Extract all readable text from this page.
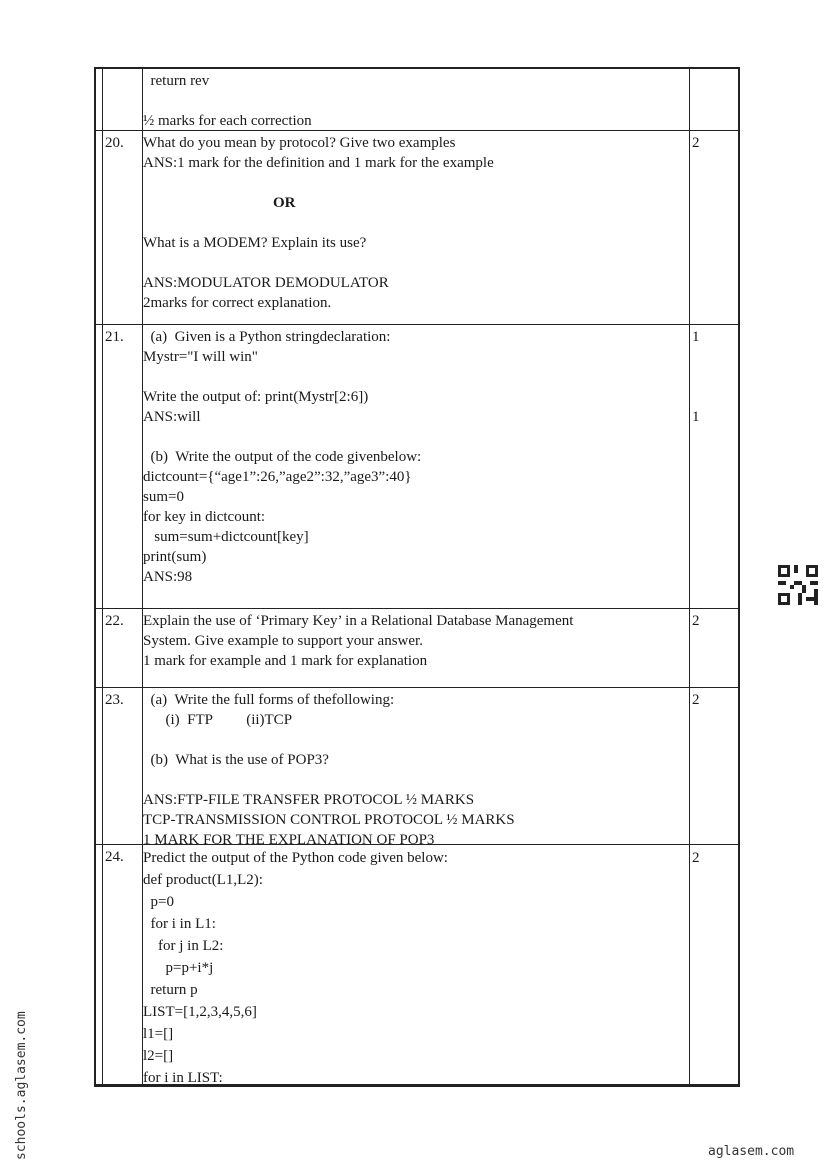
return rev
½ marks for each correction
20. What do you mean by protocol? Give two examples
ANS:1 mark for the definition and 1 mark for the example
OR
What is a MODEM? Explain its use?
ANS:MODULATOR DEMODULATOR
2marks for correct explanation.
2
21. (a)  Given is a Python stringdeclaration:
Mystr="I will win"
Write the output of: print(Mystr[2:6])
ANS:will
(b)  Write the output of the code givenbelow:
dictcount={“age1”:26,”age2”:32,”age3”:40}
sum=0
for key in dictcount:
sum=sum+dictcount[key]
print(sum)
ANS:98
1
1
22. Explain the use of ‘Primary Key’ in a Relational Database Management
System. Give example to support your answer.
1 mark for example and 1 mark for explanation
2
23. (a)  Write the full forms of thefollowing:
(i)  FTP         (ii)TCP
(b)  What is the use of POP3?
ANS:FTP-FILE TRANSFER PROTOCOL ½ MARKS
TCP-TRANSMISSION CONTROL PROTOCOL ½ MARKS
1 MARK FOR THE EXPLANATION OF POP3
2
24. Predict the output of the Python code given below:
def product(L1,L2):
p=0
for i in L1:
for j in L2:
p=p+i*j
return p
LIST=[1,2,3,4,5,6]
l1=[]
l2=[]
for i in LIST:
2
schools.aglasem.com	aglasem.com
